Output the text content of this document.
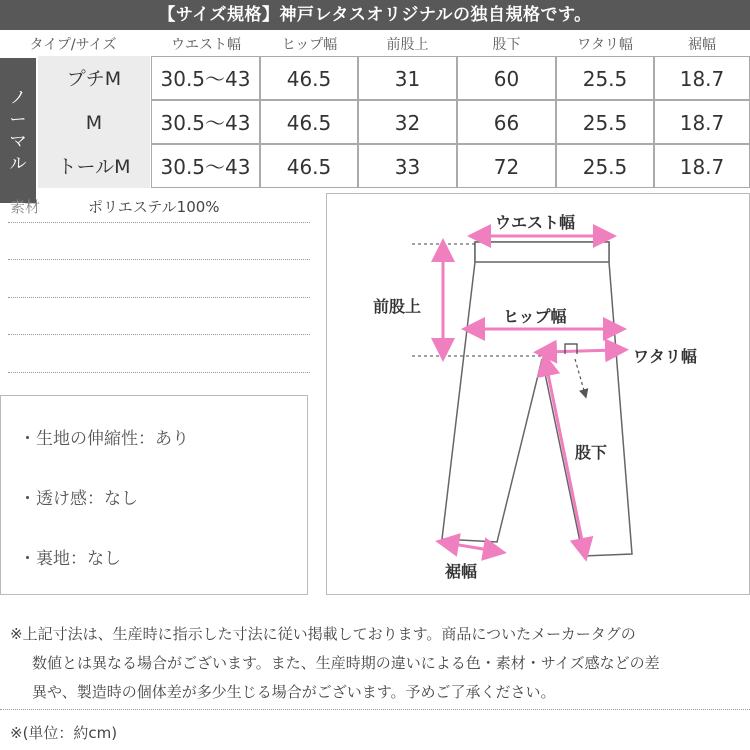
【サイズ規格】神戸レタスオリジナルの独自規格です。
タイプ/サイズ	ウエスト幅	ヒップ幅	前股上	股下	ワタリ幅	裾幅
ノ
ー
マ
ル
プチM	30.5〜43	46.5	31	60	25.5	18.7
M	30.5〜43	46.5	32	66	25.5	18.7
トールM	30.5〜43	46.5	33	72	25.5	18.7
素材	ポリエステル100%
・生地の伸縮性：あり
・透け感：なし
・裏地：なし
ウエスト幅
前股上
ヒップ幅
ワタリ幅
股下
裾幅

※上記寸法は、生産時に指示した寸法に従い掲載しております。商品についたメーカータグの

数値とは異なる場合がございます。また、生産時期の違いによる色・素材・サイズ感などの差

異や、製造時の個体差が多少生じる場合がございます。予めご了承ください。

※(単位：約cm)
